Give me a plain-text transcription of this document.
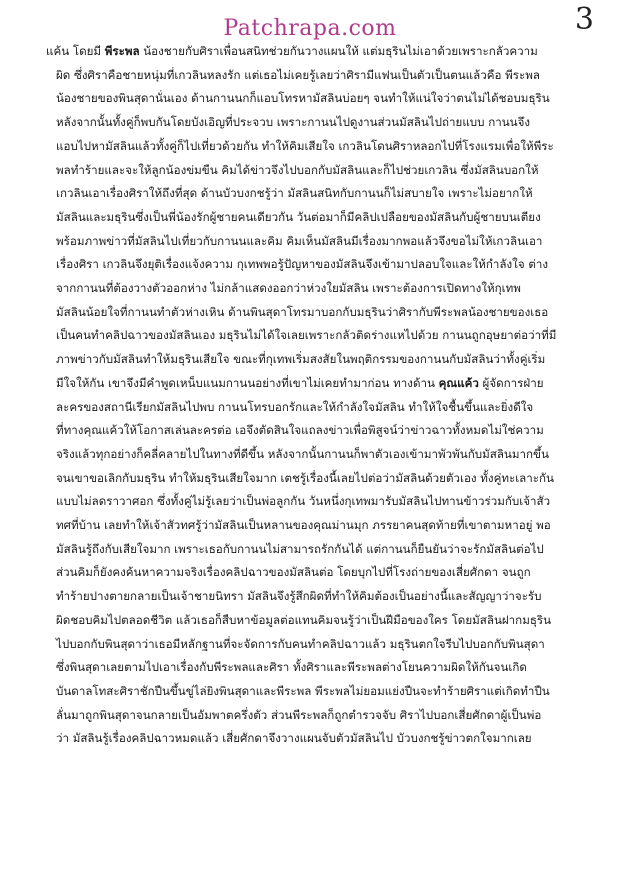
3
Patchrapa.com
แค้น โดยมี พีระพล น้องชายกับศิราเพื่อนสนิทช่วยกันวางแผนให้ แต่มธุรินไม่เอาด้วยเพราะกลัวความ
ผิด ซึ่งศิราคือชายหนุ่มที่เกวลินหลงรัก แต่เธอไม่เคยรู้เลยว่าศิรามีแฟนเป็นตัวเป็นตนแล้วคือ พีระพล
น้องชายของพินสุดานั่นเอง ด้านกานนกก็แอบโทรหามัสลินบ่อยๆ จนทำให้แน่ใจว่าตนไม่ได้ชอบมธุริน
หลังจากนั้นทั้งคู่ก็พบกันโดยบังเอิญที่ประจวบ เพราะกานนไปดูงานส่วนมัสลินไปถ่ายแบบ กานนจึง
แอบไปหามัสลินแล้วทั้งคู่ก็ไปเที่ยวด้วยกัน ทำให้คิมเสียใจ เกวลินโดนศิราหลอกไปที่โรงแรมเพื่อให้พีระ
พลทำร้ายและจะให้ลูกน้องข่มขืน คิมได้ข่าวจึงไปบอกกับมัสลินและก็ไปช่วยเกวลิน ซึ่งมัสลินบอกให้
เกวลินเอาเรื่องศิราให้ถึงที่สุด ด้านบัวบงกชรู้ว่า มัสลินสนิทกับกานนก็ไม่สบายใจ เพราะไม่อยากให้
มัสลินและมธุรินซึ่งเป็นพี่น้องรักผู้ชายคนเดียวกัน วันต่อมาก็มีคลิปเปลือยของมัสลินกับผู้ชายบนเตียง
พร้อมภาพข่าวที่มัสลินไปเที่ยวกับกานนและคิม คิมเห็นมัสลินมีเรื่องมากพอแล้วจึงขอไม่ให้เกวลินเอา
เรื่องศิรา เกวลินจึงยุติเรื่องแจ้งความ กุเทพพอรู้ปัญหาของมัสลินจึงเข้ามาปลอบใจและให้กำลังใจ ต่าง
จากกานนที่ต้องวางตัวออกห่าง ไม่กล้าแสดงออกว่าห่วงใยมัสลิน เพราะต้องการเปิดทางให้กุเทพ
มัสลินน้อยใจที่กานนทำตัวห่างเหิน ด้านพินสุดาโทรมาบอกกับมธุรินว่าศิรากับพีระพลน้องชายของเธอ
เป็นคนทำคลิปฉาวของมัสลินเอง มธุรินไม่ได้ใจเลยเพราะกลัวติดร่างแหไปด้วย กานนถูกอุษยาต่อว่าที่มี
ภาพข่าวกับมัสลินทำให้มธุรินเสียใจ ขณะที่กุเทพเริ่มสงสัยในพฤติกรรมของกานนกับมัสลินว่าทั้งคู่เริ่ม
มีใจให้กัน เขาจึงมีคำพูดเหน็บแนมกานนอย่างที่เขาไม่เคยทำมาก่อน ทางด้าน คุณแค้ว ผู้จัดการฝ่าย
ละครของสถานีเรียกมัสลินไปพบ กานนโทรบอกรักและให้กำลังใจมัสลิน ทำให้ใจชื้นขึ้นและยิ่งดีใจ
ที่ทางคุณแค้วให้โอกาสเล่นละครต่อ เอจึงตัดสินใจแถลงข่าวเพื่อพิสูจน์ว่าข่าวฉาวทั้งหมดไม่ใช่ความ
จริงแล้วทุกอย่างก็คลี่คลายไปในทางที่ดีขึ้น หลังจากนั้นกานนก็พาตัวเองเข้ามาพัวพันกับมัสลินมากขึ้น
จนเขาขอเลิกกับมธุริน ทำให้มธุรินเสียใจมาก เตชรู้เรื่องนี้เลยไปต่อว่ามัสลินด้วยตัวเอง ทั้งคู่ทะเลาะกัน
แบบไม่ลดราวาศอก ซึ่งทั้งคู่ไม่รู้เลยว่าเป็นพ่อลูกกัน วันหนึ่งกุเทพมารับมัสลินไปทานข้าวร่วมกับเจ้าสัว
ทศที่บ้าน เลยทำให้เจ้าสัวทศรู้ว่ามัสลินเป็นหลานของคุณม่านมุก ภรรยาคนสุดท้ายที่เขาตามหาอยู่ พอ
มัสลินรู้ถึงกับเสียใจมาก เพราะเธอกับกานนไม่สามารถรักกันได้ แต่กานนก็ยืนยันว่าจะรักมัสลินต่อไป
ส่วนคิมก็ยังคงค้นหาความจริงเรื่องคลิปฉาวของมัสลินต่อ โดยบุกไปที่โรงถ่ายของเสี่ยศักดา จนถูก
ทำร้ายปางตายกลายเป็นเจ้าชายนิทรา มัสลินจึงรู้สึกผิดที่ทำให้คิมต้องเป็นอย่างนี้และสัญญาว่าจะรับ
ผิดชอบคิมไปตลอดชีวิต แล้วเธอก็สืบหาข้อมูลต่อแทนคิมจนรู้ว่าเป็นฝีมือของใคร โดยมัสลินฝากมธุริน
ไปบอกกับพินสุดาว่าเธอมีหลักฐานที่จะจัดการกับคนทำคลิปฉาวแล้ว มธุรินตกใจรีบไปบอกกับพินสุดา
ซึ่งพินสุดาเลยตามไปเอาเรื่องกับพีระพลและศิรา ทั้งศิราและพีระพลต่างโยนความผิดให้กันจนเกิด
บันดาลโทสะศิราชักปืนขึ้นขู่ไล่ยิงพินสุดาและพีระพล พีระพลไม่ยอมแย่งปืนจะทำร้ายศิราแต่เกิดทำปืน
ลั่นมาถูกพินสุดาจนกลายเป็นอัมพาตครึ่งตัว ส่วนพีระพลก็ถูกตำรวจจับ ศิราไปบอกเสี่ยศักดาผู้เป็นพ่อ
ว่า มัสลินรู้เรื่องคลิปฉาวหมดแล้ว เสี่ยศักดาจึงวางแผนจับตัวมัสลินไป บัวบงกชรู้ข่าวตกใจมากเลย
